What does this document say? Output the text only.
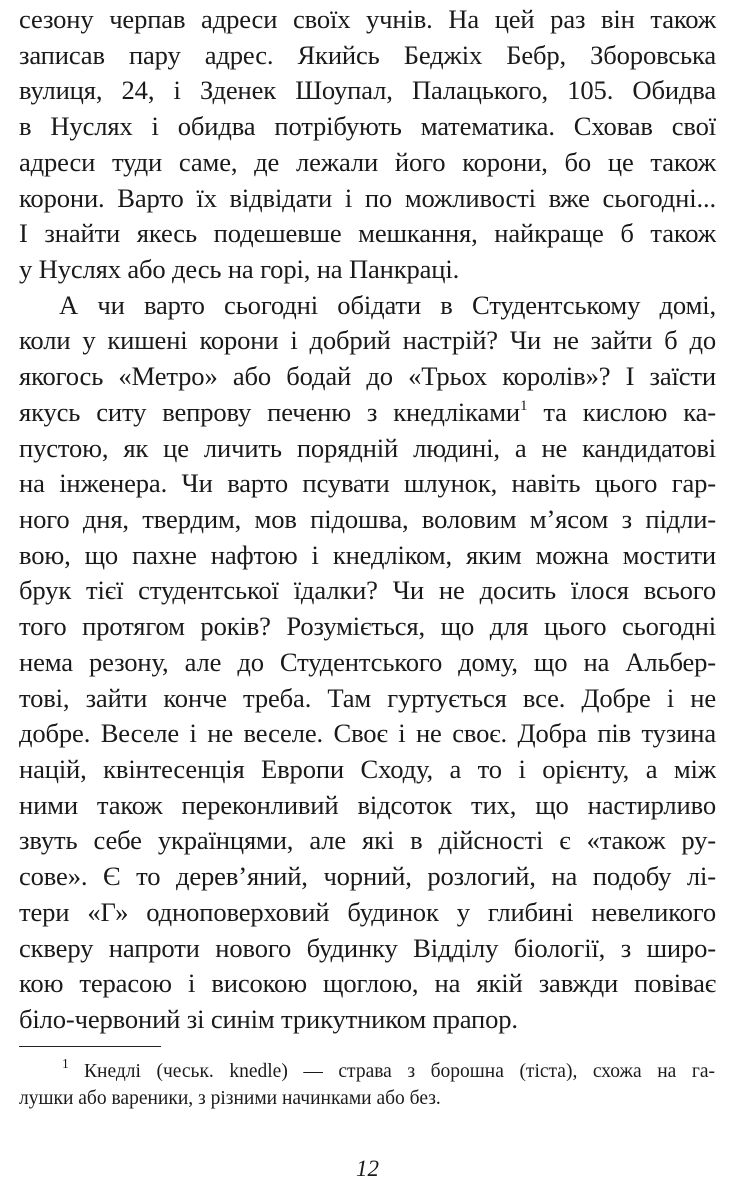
сезону черпав адреси своїх учнів. На цей раз він також
записав пару адрес. Якийсь Беджіх Бебр, Зборовська
вулиця, 24, і Зденек Шоупал, Палацького, 105. Обидва
в Нуслях і обидва потрібують математика. Сховав свої
адреси туди саме, де лежали його корони, бо це також
корони. Варто їх відвідати і по можливості вже сьогодні...
І знайти якесь подешевше мешкання, найкраще б також
у Нуслях або десь на горі, на Панкраці.
А чи варто сьогодні обідати в Студентському домі,
коли у кишені корони і добрий настрій? Чи не зайти б до
якогось «Метро» або бодай до «Трьох королів»? І заїсти
якусь ситу вепрову печеню з кнедліками$^1$ та кислою ка-
пустою, як це личить порядній людині, а не кандидатові
на інженера. Чи варто псувати шлунок, навіть цього гар-
ного дня, твердим, мов підошва, воловим м’ясом з підли-
вою, що пахне нафтою і кнедліком, яким можна мостити
брук тієї студентської їдалки? Чи не досить їлося всього
того протягом років? Розуміється, що для цього сьогодні
нема резону, але до Студентського дому, що на Альбер-
тові, зайти конче треба. Там гуртується все. Добре і не
добре. Веселе і не веселе. Своє і не своє. Добра пів тузина
націй, квінтесенція Европи Сходу, а то і орієнту, а між
ними також переконливий відсоток тих, що настирливо
звуть себе українцями, але які в дійсності є «також ру-
сове». Є то дерев’яний, чорний, розлогий, на подобу лі-
тери «Г» одноповерховий будинок у глибині невеликого
скверу напроти нового будинку Відділу біології, з широ-
кою терасою і високою щоглою, на якій завжди повіває
біло-червоний зі синім трикутником прапор.
1 Кнедлі (чеськ. knedle) — страва з борошна (тіста), схожа на га-
лушки або вареники, з різними начинками або без.
12
